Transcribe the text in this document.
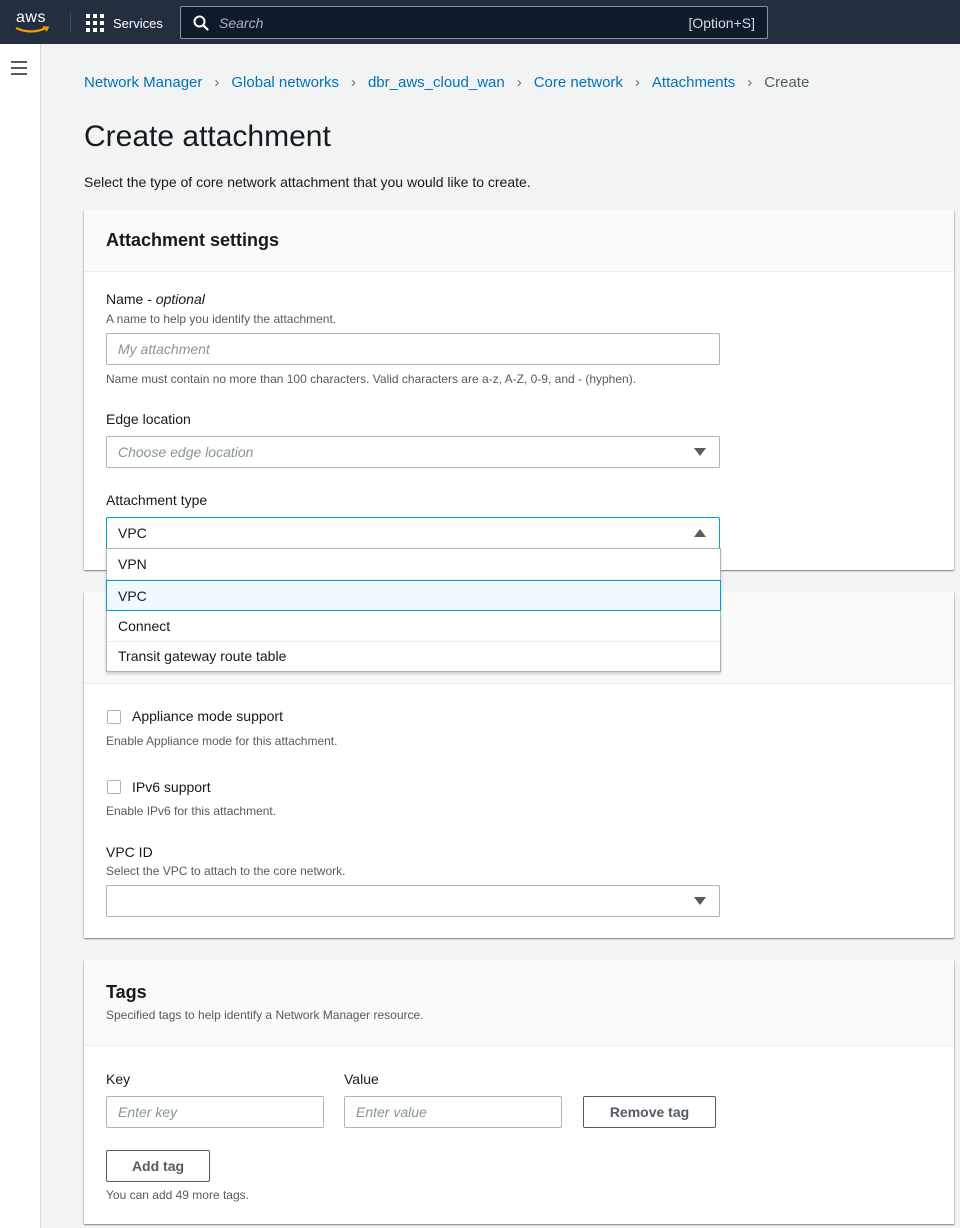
aws	Services
Search	[Option+S]
Network Manager › Global networks › dbr_aws_cloud_wan › Core network › Attachments › Create
Create attachment

Select the type of core network attachment that you would like to create.

Attachment settings
Name - optional
A name to help you identify the attachment.
My attachment
Name must contain no more than 100 characters. Valid characters are a-z, A-Z, 0-9, and - (hyphen).
Edge location
Choose edge location
Attachment type
VPC
VPN
VPC
Connect
Transit gateway route table
Appliance mode support
Enable Appliance mode for this attachment.
IPv6 support
Enable IPv6 for this attachment.
VPC ID
Select the VPC to attach to the core network.
Tags
Specified tags to help identify a Network Manager resource.
Key	Value
Enter key
Enter value
Remove tag
Add tag
You can add 49 more tags.
